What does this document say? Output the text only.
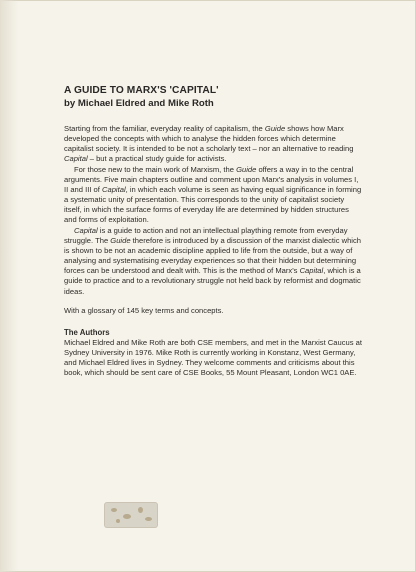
A GUIDE TO MARX'S 'CAPITAL'

by Michael Eldred and Mike Roth

Starting from the familiar, everyday reality of capitalism, the Guide shows how Marx developed the concepts with which to analyse the hidden forces which determine capitalist society. It is intended to be not a scholarly text – nor an alternative to reading Capital – but a practical study guide for activists.

For those new to the main work of Marxism, the Guide offers a way in to the central arguments. Five main chapters outline and comment upon Marx's analysis in volumes I, II and III of Capital, in which each volume is seen as having equal significance in forming a systematic unity of presentation. This corresponds to the unity of capitalist society itself, in which the surface forms of everyday life are determined by hidden structures and forms of exploitation.

Capital is a guide to action and not an intellectual plaything remote from everyday struggle. The Guide therefore is introduced by a discussion of the marxist dialectic which is shown to be not an academic discipline applied to life from the outside, but a way of analysing and systematising everyday experiences so that their hidden but determining forces can be understood and dealt with. This is the method of Marx's Capital, which is a guide to practice and to a revolutionary struggle not held back by reformist and dogmatic ideas.

With a glossary of 145 key terms and concepts.

The Authors

Michael Eldred and Mike Roth are both CSE members, and met in the Marxist Caucus at Sydney University in 1976. Mike Roth is currently working in Konstanz, West Germany, and Michael Eldred lives in Sydney. They welcome comments and criticisms about this book, which should be sent care of CSE Books, 55 Mount Pleasant, London WC1 0AE.
